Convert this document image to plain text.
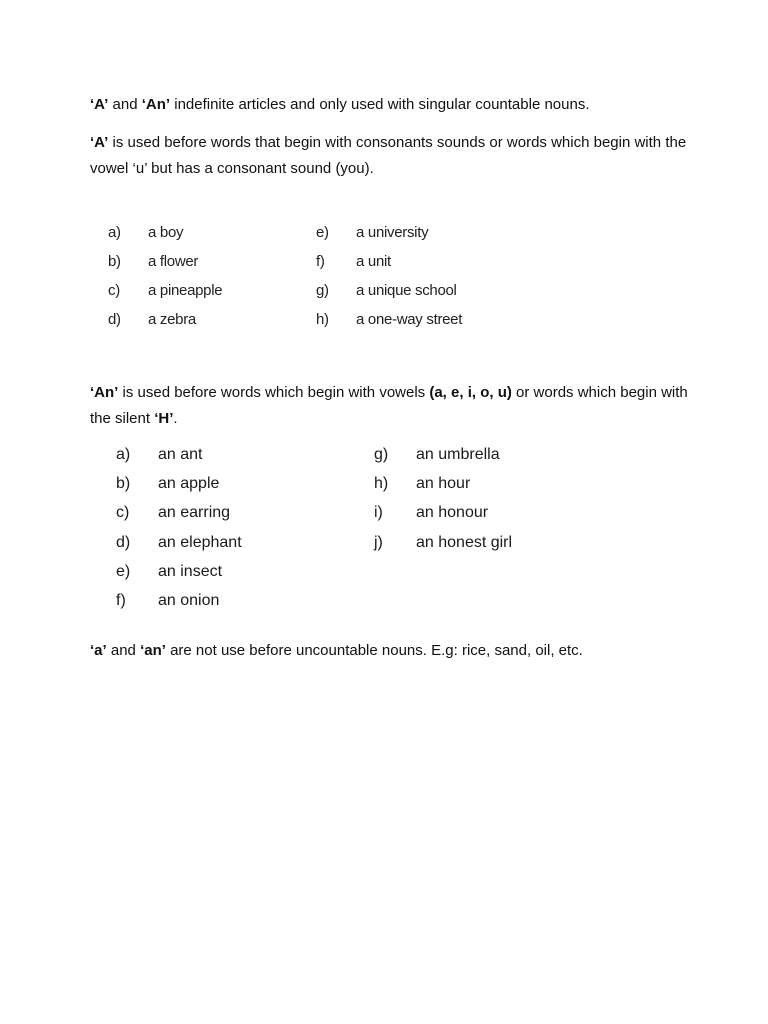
‘A’ and ‘An’ indefinite articles and only used with singular countable nouns.
‘A’ is used before words that begin with consonants sounds or words which begin with the vowel ‘u’ but has a consonant sound (you).
a) a boy
b) a flower
c) a pineapple
d) a zebra
e) a university
f) a unit
g) a unique school
h) a one-way street
‘An’ is used before words which begin with vowels (a, e, i, o, u) or words which begin with the silent ‘H’.
a) an ant
b) an apple
c) an earring
d) an elephant
e) an insect
f) an onion
g) an umbrella
h) an hour
i) an honour
j) an honest girl
‘a’ and ‘an’ are not use before uncountable nouns. E.g: rice, sand, oil, etc.
